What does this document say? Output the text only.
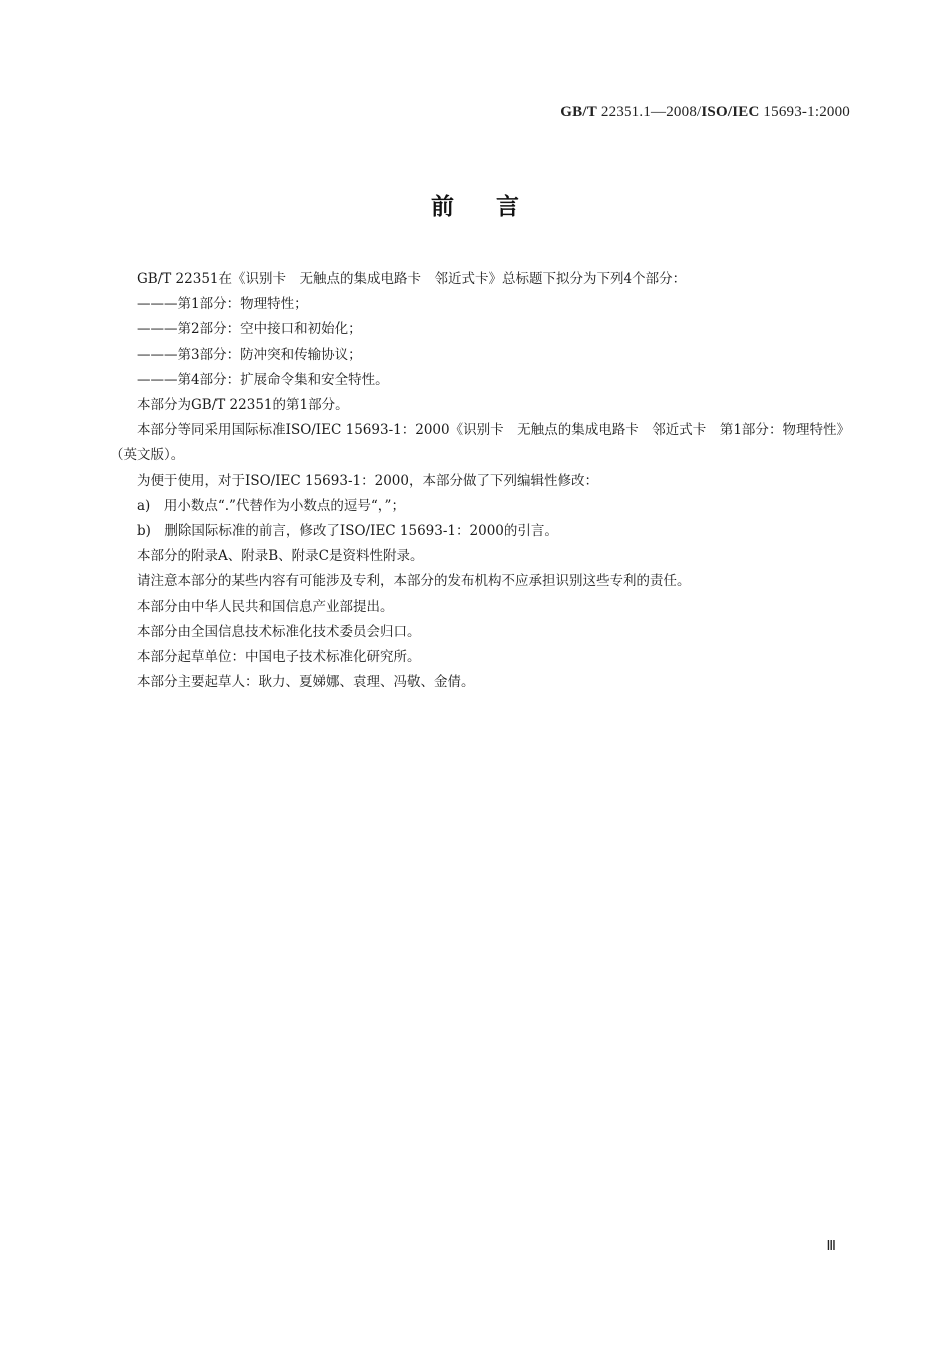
GB/T 22351.1—2008/ISO/IEC 15693-1:2000
前言

GB/T 22351在《识别卡　无触点的集成电路卡　邻近式卡》总标题下拟分为下列4个部分：

———第1部分：物理特性；

———第2部分：空中接口和初始化；

———第3部分：防冲突和传输协议；

———第4部分：扩展命令集和安全特性。

本部分为GB/T 22351的第1部分。

本部分等同采用国际标准ISO/IEC 15693-1：2000《识别卡　无触点的集成电路卡　邻近式卡　第1部分：物理特性》（英文版）。

为便于使用，对于ISO/IEC 15693-1：2000，本部分做了下列编辑性修改：

a)　用小数点“.”代替作为小数点的逗号“，”；

b)　删除国际标准的前言，修改了ISO/IEC 15693-1：2000的引言。

本部分的附录A、附录B、附录C是资料性附录。

请注意本部分的某些内容有可能涉及专利，本部分的发布机构不应承担识别这些专利的责任。

本部分由中华人民共和国信息产业部提出。

本部分由全国信息技术标准化技术委员会归口。

本部分起草单位：中国电子技术标准化研究所。

本部分主要起草人：耿力、夏娣娜、袁理、冯敬、金倩。

Ⅲ
